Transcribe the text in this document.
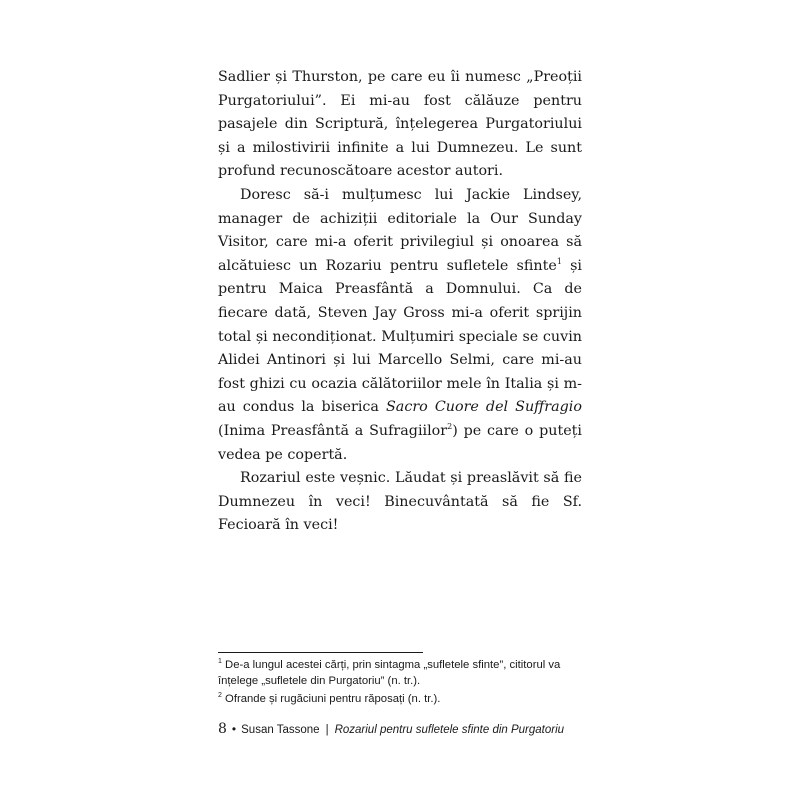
Sadlier și Thurston, pe care eu îi numesc „Preoții Purgatoriului”. Ei mi-au fost călăuze pentru pasajele din Scriptură, înțelegerea Purgatoriului și a milostivirii infinite a lui Dumnezeu. Le sunt profund recunoscătoare acestor autori.

Doresc să-i mulțumesc lui Jackie Lindsey, manager de achiziții editoriale la Our Sunday Visitor, care mi-a oferit privilegiul și onoarea să alcătuiesc un Rozariu pentru sufletele sfinte$^1$ și pentru Maica Preasfântă a Domnului. Ca de fiecare dată, Steven Jay Gross mi-a oferit sprijin total și necondiționat. Mulțumiri speciale se cuvin Alidei Antinori și lui Marcello Selmi, care mi-au fost ghizi cu ocazia călătoriilor mele în Italia și m-au condus la biserica Sacro Cuore del Suffragio (Inima Preasfântă a Sufragiilor$^2$) pe care o puteți vedea pe copertă.

Rozariul este veșnic. Lăudat și preaslăvit să fie Dumnezeu în veci! Binecuvântată să fie Sf. Fecioară în veci!

$^1$ De-a lungul acestei cărți, prin sintagma „sufletele sfinte”, cititorul va înțelege „sufletele din Purgatoriu” (n. tr.).

$^2$ Ofrande și rugăciuni pentru răposați (n. tr.).

8 • Susan Tassone | Rozariul pentru sufletele sfinte din Purgatoriu
